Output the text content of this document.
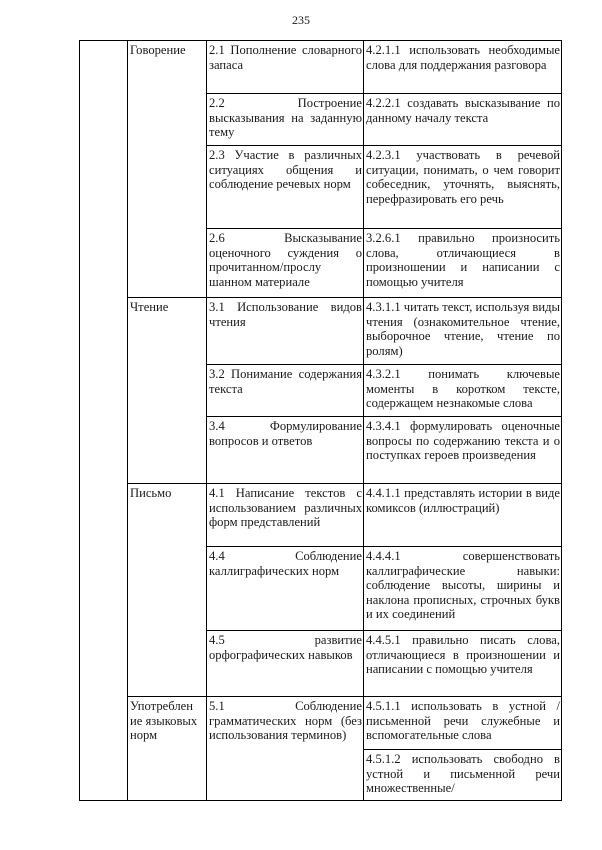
235

	Говорение	2.1 Пополнение словарного запаса	4.2.1.1 использовать необходимые слова для поддержания разговора

		2.2 Построение высказывания на заданную тему	4.2.2.1 создавать высказывание по данному началу текста

		2.3 Участие в различных ситуациях общения и соблюдение речевых норм	4.2.3.1 участвовать в речевой ситуации, понимать, о чем говорит собеседник, уточнять, выяснять, перефразировать его речь

		2.6 Высказывание оценочного суждения о прочитанном/прослу шанном материале	3.2.6.1 правильно произносить слова, отличающиеся в произношении и написании с помощью учителя

	Чтение	3.1 Использование видов чтения	4.3.1.1 читать текст, используя виды чтения (ознакомительное чтение, выборочное чтение, чтение по ролям)

		3.2 Понимание содержания текста	4.3.2.1 понимать ключевые моменты в коротком тексте, содержащем незнакомые слова

		3.4 Формулирование вопросов и ответов	4.3.4.1 формулировать оценочные вопросы по содержанию текста и о поступках героев произведения

	Письмо	4.1 Написание текстов с использованием различных форм представлений	4.4.1.1 представлять истории в виде комиксов (иллюстраций)

		4.4 Соблюдение каллиграфических норм	4.4.4.1 совершенствовать каллиграфические навыки: соблюдение высоты, ширины и наклона прописных, строчных букв и их соединений

		4.5 развитие орфографических навыков	4.4.5.1 правильно писать слова, отличающиеся в произношении и написании с помощью учителя

	Употреблен ие языковых норм	5.1 Соблюдение грамматических норм (без использования терминов)	4.5.1.1 использовать в устной /письменной речи служебные и вспомогательные слова

			4.5.1.2 использовать свободно в устной и письменной речи множественные/
